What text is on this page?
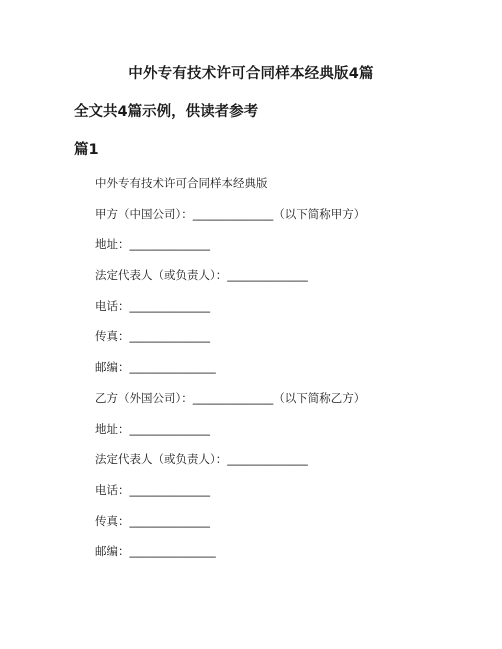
中外专有技术许可合同样本经典版4篇
全文共4篇示例，供读者参考
篇1
中外专有技术许可合同样本经典版
甲方（中国公司）：______________（以下简称甲方）
地址：______________
法定代表人（或负责人）：______________
电话：______________
传真：______________
邮编：_______________
乙方（外国公司）：______________（以下简称乙方）
地址：______________
法定代表人（或负责人）：______________
电话：______________
传真：______________
邮编：_______________
